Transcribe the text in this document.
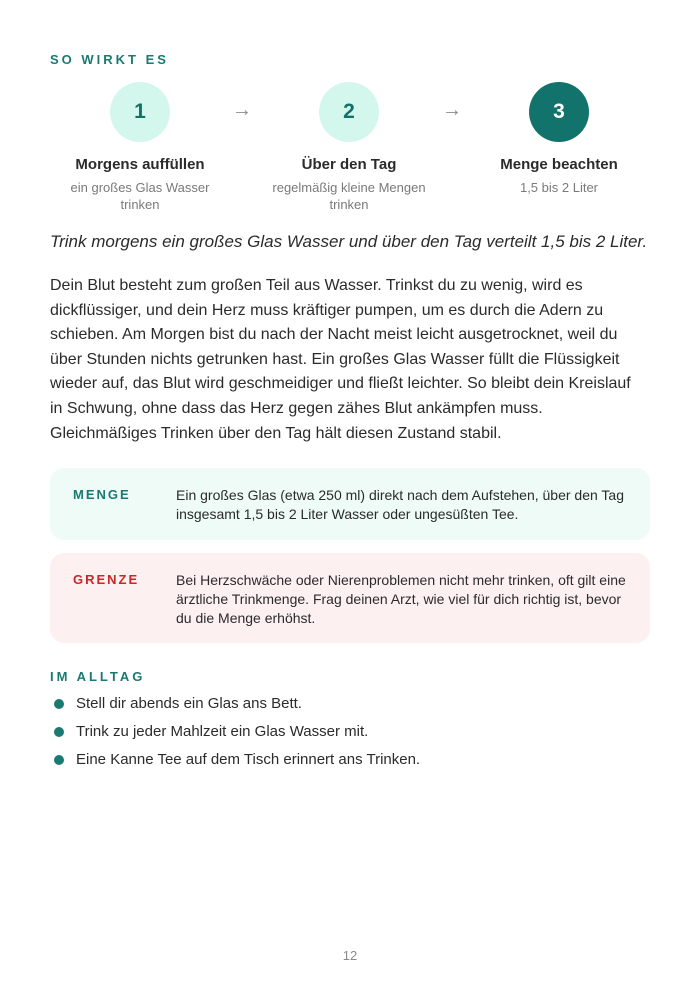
SO WIRKT ES
1
Morgens auffüllen
ein großes Glas Wasser trinken
→	2
Über den Tag
regelmäßig kleine Mengen trinken
→	3
Menge beachten
1,5 bis 2 Liter
Trink morgens ein großes Glas Wasser und über den Tag verteilt 1,5 bis 2 Liter.
Dein Blut besteht zum großen Teil aus Wasser. Trinkst du zu wenig, wird es dickflüssiger, und dein Herz muss kräftiger pumpen, um es durch die Adern zu schieben. Am Morgen bist du nach der Nacht meist leicht ausgetrocknet, weil du über Stunden nichts getrunken hast. Ein großes Glas Wasser füllt die Flüssigkeit wieder auf, das Blut wird geschmeidiger und fließt leichter. So bleibt dein Kreislauf in Schwung, ohne dass das Herz gegen zähes Blut ankämpfen muss. Gleichmäßiges Trinken über den Tag hält diesen Zustand stabil.
MENGE	Ein großes Glas (etwa 250 ml) direkt nach dem Aufstehen, über den Tag insgesamt 1,5 bis 2 Liter Wasser oder ungesüßten Tee.
GRENZE	Bei Herzschwäche oder Nierenproblemen nicht mehr trinken, oft gilt eine ärztliche Trinkmenge. Frag deinen Arzt, wie viel für dich richtig ist, bevor du die Menge erhöhst.
IM ALLTAG
Stell dir abends ein Glas ans Bett.
Trink zu jeder Mahlzeit ein Glas Wasser mit.
Eine Kanne Tee auf dem Tisch erinnert ans Trinken.
12
